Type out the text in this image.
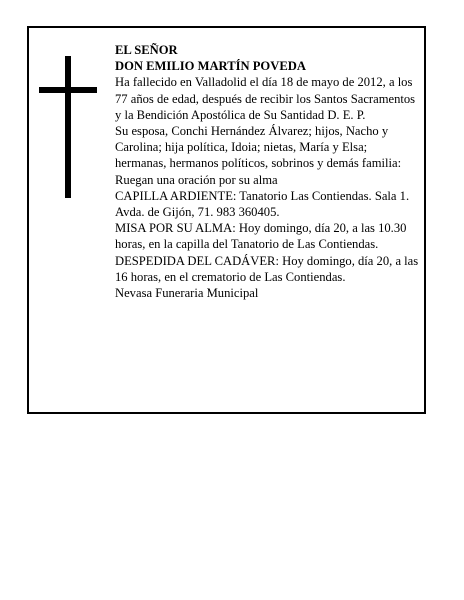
EL SEÑOR

DON EMILIO MARTÍN POVEDA

Ha fallecido en Valladolid el día 18 de mayo de 2012, a los 77 años de edad, después de recibir los Santos Sacramentos y la Bendición Apostólica de Su Santidad D. E. P.

Su esposa, Conchi Hernández Álvarez; hijos, Nacho y Carolina; hija política, Idoia; nietas, María y Elsa; hermanas, hermanos políticos, sobrinos y demás familia:

Ruegan una oración por su alma

CAPILLA ARDIENTE: Tanatorio Las Contiendas. Sala 1. Avda. de Gijón, 71. 983 360405.

MISA POR SU ALMA: Hoy domingo, día 20, a las 10.30 horas, en la capilla del Tanatorio de Las Contiendas.

DESPEDIDA DEL CADÁVER: Hoy domingo, día 20, a las 16 horas, en el crematorio de Las Contiendas.

Nevasa Funeraria Municipal
